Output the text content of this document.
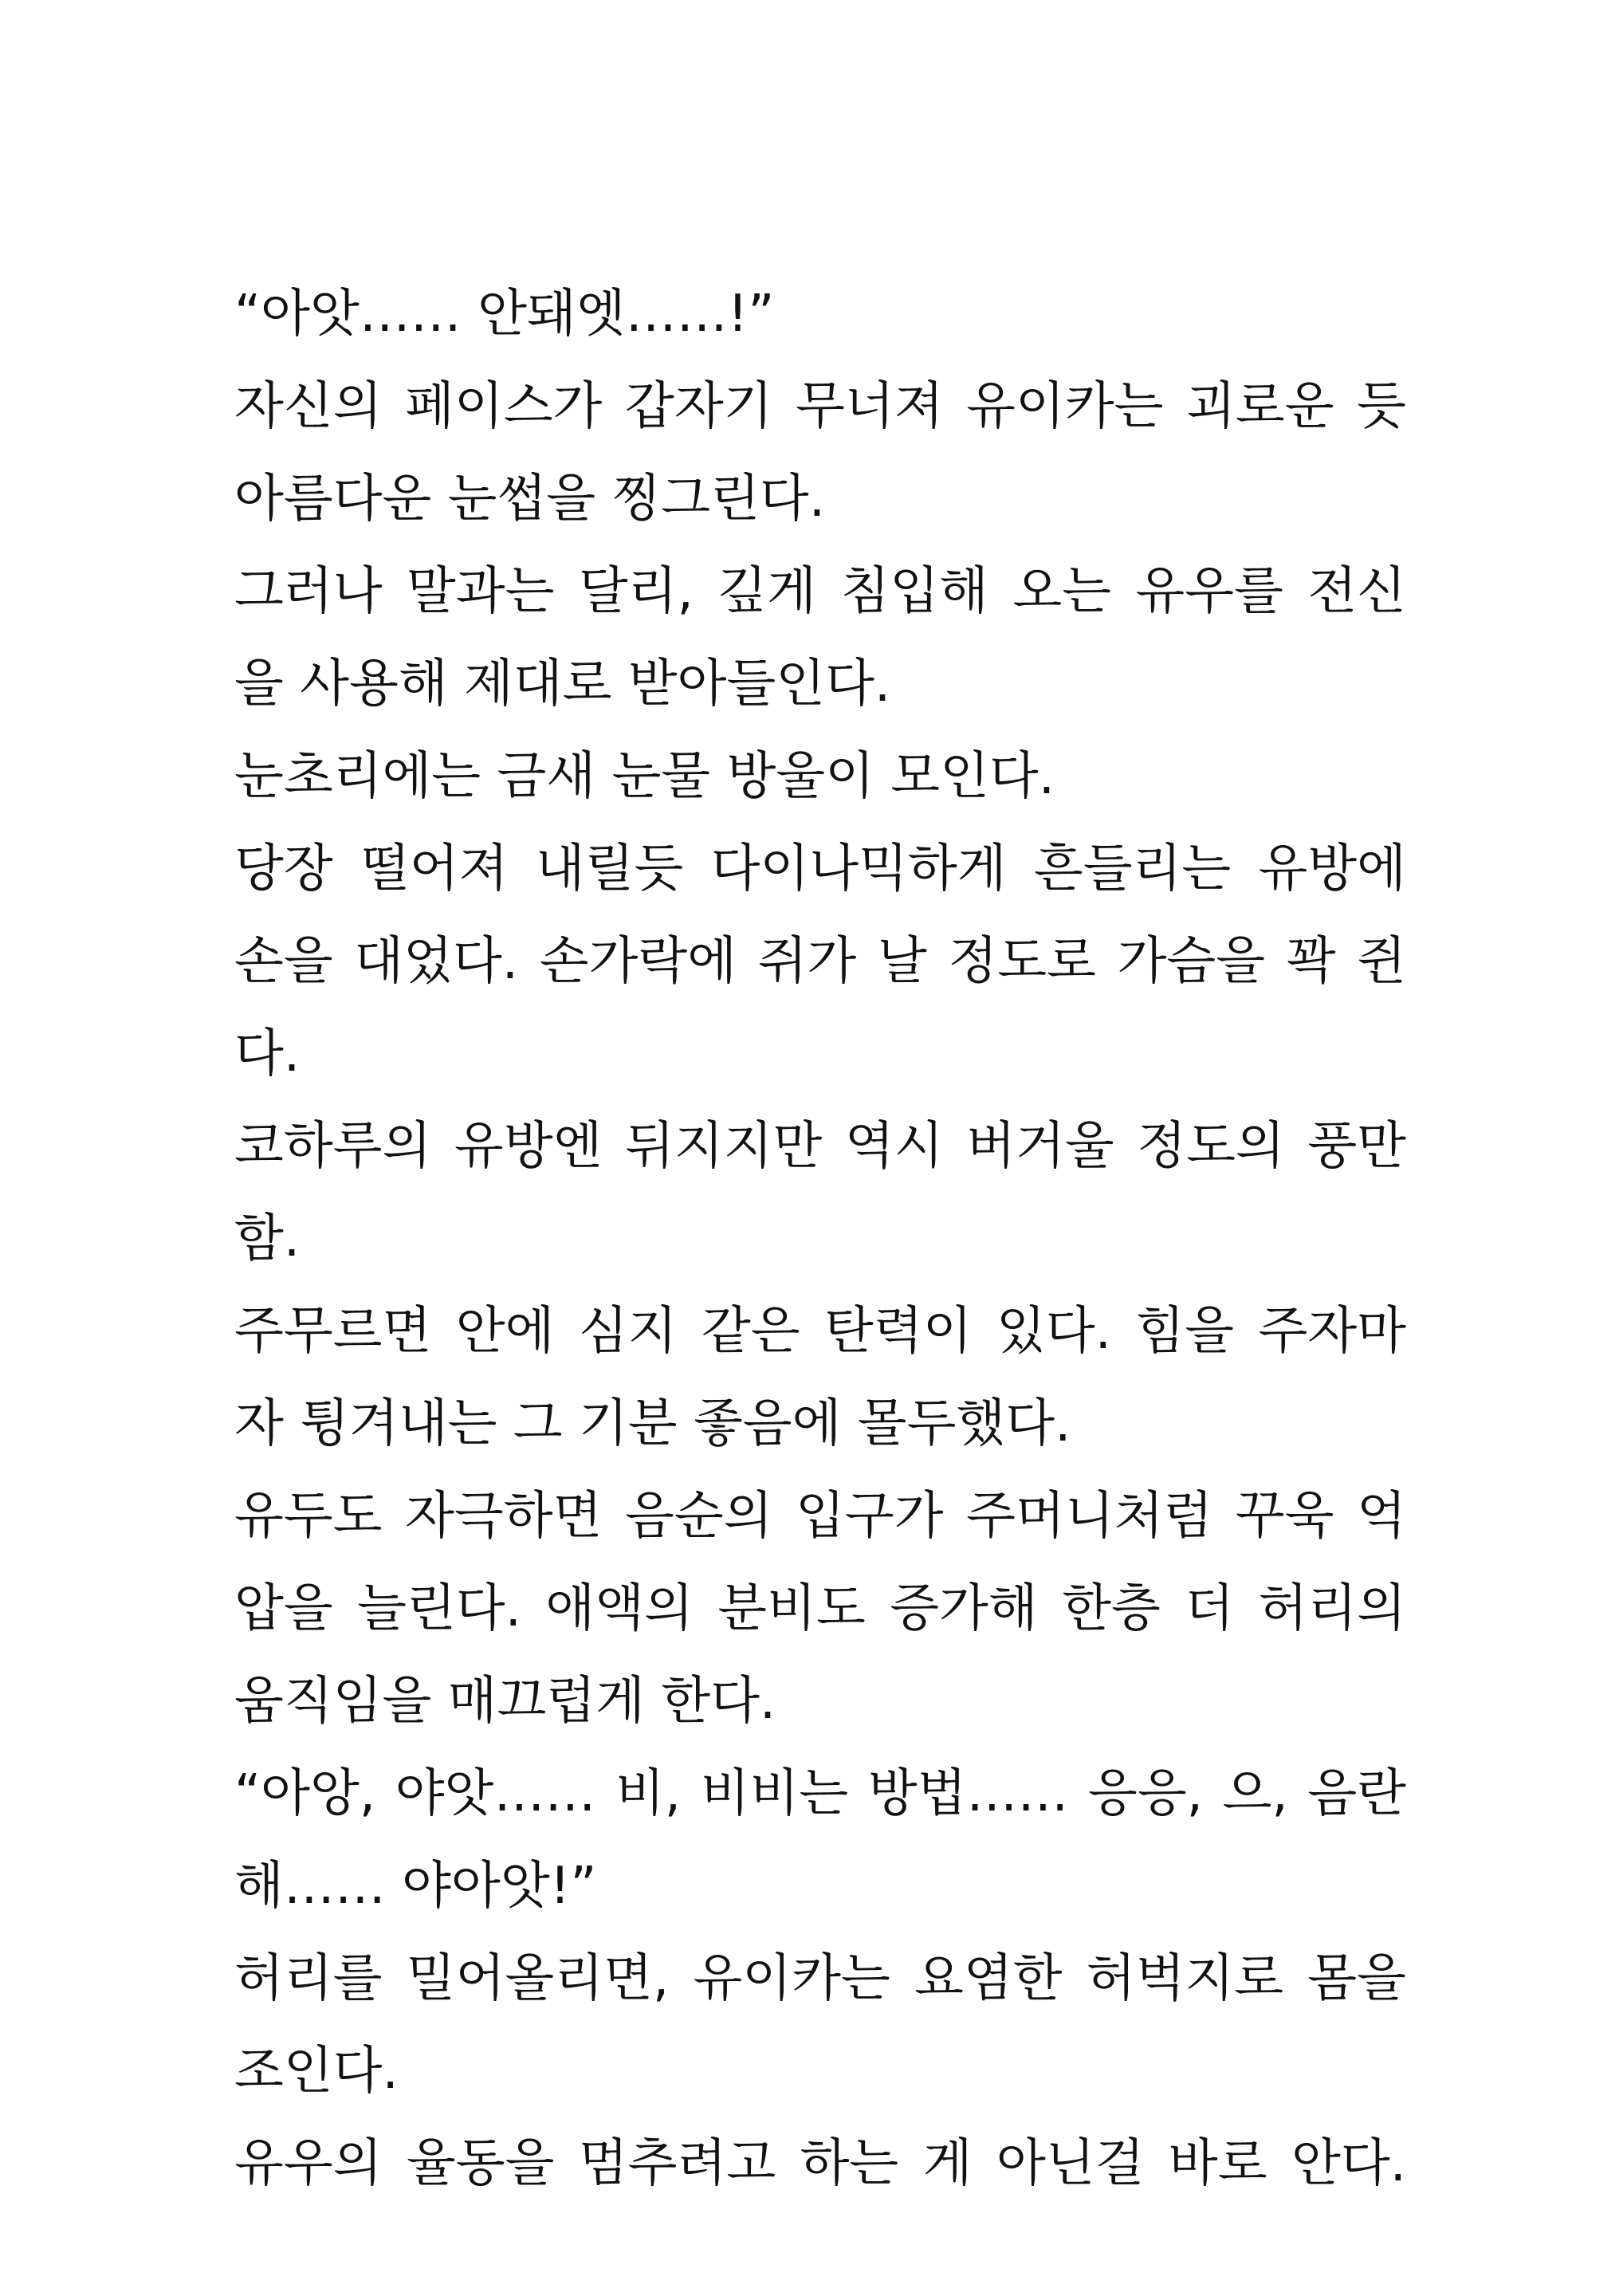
“아앗…… 안돼엣……!”
자신의 페이스가 갑자기 무너져 유이카는 괴로운 듯
아름다운 눈썹을 찡그린다.
그러나 말과는 달리, 깊게 침입해 오는 유우를 전신
을 사용해 제대로 받아들인다.
눈초리에는 금새 눈물 방울이 모인다.
당장 떨어져 내릴듯 다이나믹하게 흔들리는 유방에
손을 대었다. 손가락에 쥐가 날 정도로 가슴을 꽉 쥔
다.
코하루의 유방엔 뒤지지만 역시 버거울 정도의 풍만
함.
주무르면 안에 심지 같은 탄력이 있다. 힘을 주자마
자 튕겨내는 그 기분 좋음에 몰두했다.
유두도 자극하면 음순의 입구가 주머니처럼 꾸욱 억
압을 늘린다. 애액의 분비도 증가해 한층 더 허리의
움직임을 매끄럽게 한다.
“아앙, 야앗…… 비, 비비는 방법…… 응응, 으, 음란
해…… 야아앗!”
허리를 밀어올리면, 유이카는 요염한 허벅지로 몸을
조인다.
유우의 율동을 멈추려고 하는 게 아닌걸 바로 안다.
